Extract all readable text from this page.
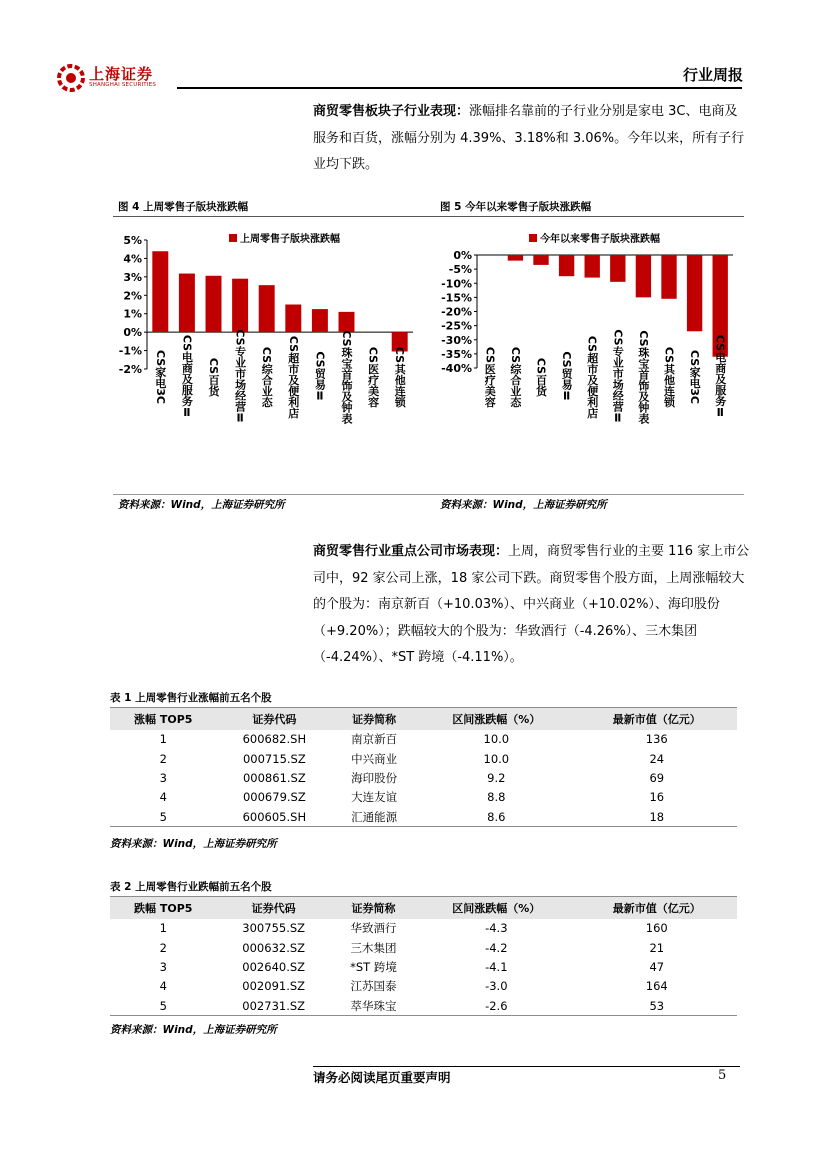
上海证券
SHANGHAI SECURITIES
行业周报
商贸零售板块子行业表现：涨幅排名靠前的子行业分别是家电 3C、电商及服务和百货，涨幅分别为 4.39%、3.18%和 3.06%。今年以来，所有子行业均下跌。
图 4 上周零售子版块涨跌幅	图 5 今年以来零售子版块涨跌幅
上周零售子版块涨跌幅
5%
4%
3%
2%
1%
0%
-1%
-2% CS家电3C CS电商及服务Ⅱ CS百货 CS专业市场经营Ⅱ CS综合业态 CS超市及便利店 CS贸易Ⅱ CS珠宝首饰及钟表 CS医疗美容 CS其他连锁
今年以来零售子版块涨跌幅
0%
-5%
-10%
-15%
-20%
-25%
-30%
-35%
-40% CS医疗美容 CS综合业态 CS百货 CS贸易Ⅱ CS超市及便利店 CS专业市场经营Ⅱ CS珠宝首饰及钟表 CS其他连锁 CS家电3C CS电商及服务Ⅱ
资料来源：Wind，上海证券研究所	资料来源：Wind，上海证券研究所
商贸零售行业重点公司市场表现：上周，商贸零售行业的主要 116 家上市公司中，92 家公司上涨，18 家公司下跌。商贸零售个股方面，上周涨幅较大的个股为：南京新百（+10.03%）、中兴商业（+10.02%）、海印股份（+9.20%）；跌幅较大的个股为：华致酒行（-4.26%）、三木集团（-4.24%）、*ST 跨境（-4.11%）。
表 1 上周零售行业涨幅前五名个股
涨幅 TOP5	证券代码	证券简称	区间涨跌幅（%）	最新市值（亿元）
1	600682.SH	南京新百	10.0	136
2	000715.SZ	中兴商业	10.0	24
3	000861.SZ	海印股份	9.2	69
4	000679.SZ	大连友谊	8.8	16
5	600605.SH	汇通能源	8.6	18
资料来源：Wind，上海证券研究所
表 2 上周零售行业跌幅前五名个股
跌幅 TOP5	证券代码	证券简称	区间涨跌幅（%）	最新市值（亿元）
1	300755.SZ	华致酒行	-4.3	160
2	000632.SZ	三木集团	-4.2	21
3	002640.SZ	*ST 跨境	-4.1	47
4	002091.SZ	江苏国泰	-3.0	164
5	002731.SZ	萃华珠宝	-2.6	53
资料来源：Wind，上海证券研究所
请务必阅读尾页重要声明	5
